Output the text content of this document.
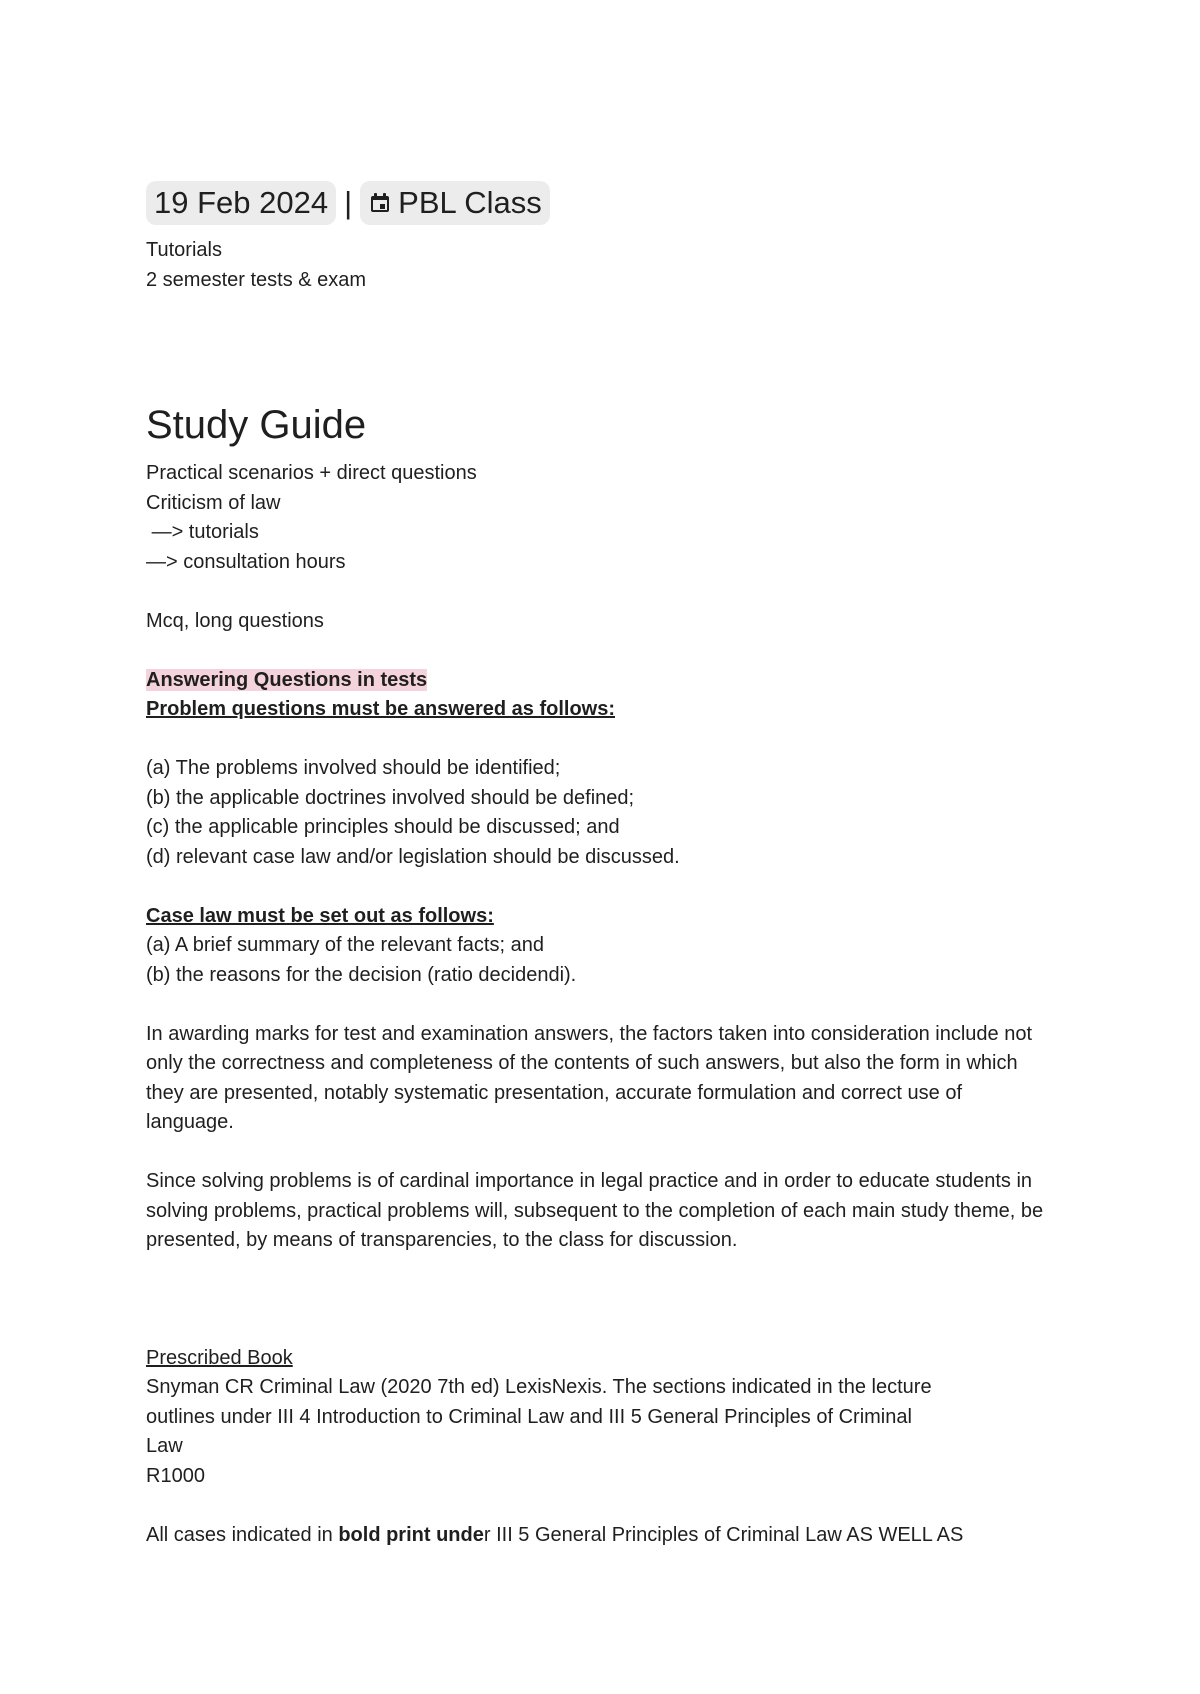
19 Feb 2024 | PBL Class

Tutorials

2 semester tests & exam

Study Guide

Practical scenarios + direct questions

Criticism of law

—> tutorials

—> consultation hours

Mcq, long questions

Answering Questions in tests

Problem questions must be answered as follows:

(a) The problems involved should be identified;

(b) the applicable doctrines involved should be defined;

(c) the applicable principles should be discussed; and

(d) relevant case law and/or legislation should be discussed.

Case law must be set out as follows:

(a) A brief summary of the relevant facts; and

(b) the reasons for the decision (ratio decidendi).

In awarding marks for test and examination answers, the factors taken into consideration include not only the correctness and completeness of the contents of such answers, but also the form in which they are presented, notably systematic presentation, accurate formulation and correct use of language.

Since solving problems is of cardinal importance in legal practice and in order to educate students in solving problems, practical problems will, subsequent to the completion of each main study theme, be presented, by means of transparencies, to the class for discussion.

Prescribed Book

Snyman CR Criminal Law (2020 7th ed) LexisNexis. The sections indicated in the lecture

outlines under III 4 Introduction to Criminal Law and III 5 General Principles of Criminal

Law

R1000

All cases indicated in bold print under III 5 General Principles of Criminal Law AS WELL AS
